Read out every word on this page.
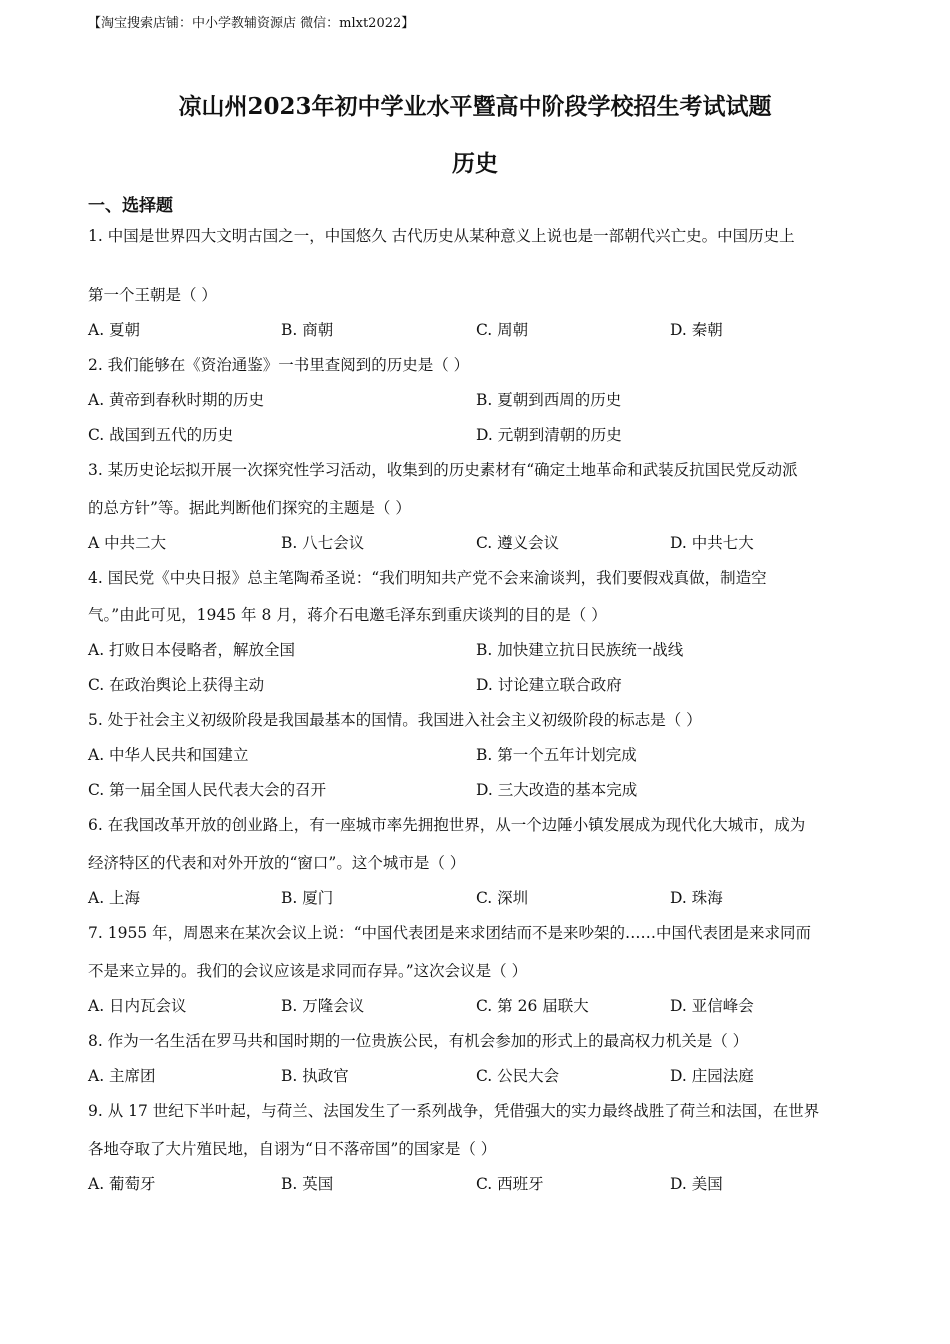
【淘宝搜索店铺：中小学教辅资源店 微信：mlxt2022】
凉山州2023年初中学业水平暨高中阶段学校招生考试试题
历史
一、选择题
1. 中国是世界四大文明古国之一，中国悠久 古代历史从某种意义上说也是一部朝代兴亡史。中国历史上
第一个王朝是（ ）
A. 夏朝	B. 商朝	C. 周朝	D. 秦朝
2. 我们能够在《资治通鉴》一书里查阅到的历史是（ ）
A. 黄帝到春秋时期的历史	B. 夏朝到西周的历史
C. 战国到五代的历史	D. 元朝到清朝的历史
3. 某历史论坛拟开展一次探究性学习活动，收集到的历史素材有“确定土地革命和武装反抗国民党反动派
的总方针”等。据此判断他们探究的主题是（ ）
A 中共二大	B. 八七会议	C. 遵义会议	D. 中共七大
4. 国民党《中央日报》总主笔陶希圣说：“我们明知共产党不会来渝谈判，我们要假戏真做，制造空
气。”由此可见，1945 年 8 月，蒋介石电邀毛泽东到重庆谈判的目的是（ ）
A. 打败日本侵略者，解放全国	B. 加快建立抗日民族统一战线
C. 在政治舆论上获得主动	D. 讨论建立联合政府
5. 处于社会主义初级阶段是我国最基本的国情。我国进入社会主义初级阶段的标志是（ ）
A. 中华人民共和国建立	B. 第一个五年计划完成
C. 第一届全国人民代表大会的召开	D. 三大改造的基本完成
6. 在我国改革开放的创业路上，有一座城市率先拥抱世界，从一个边陲小镇发展成为现代化大城市，成为
经济特区的代表和对外开放的“窗口”。这个城市是（ ）
A. 上海	B. 厦门	C. 深圳	D. 珠海
7. 1955 年，周恩来在某次会议上说：“中国代表团是来求团结而不是来吵架的……中国代表团是来求同而
不是来立异的。我们的会议应该是求同而存异。”这次会议是（ ）
A. 日内瓦会议	B. 万隆会议	C. 第 26 届联大	D. 亚信峰会
8. 作为一名生活在罗马共和国时期的一位贵族公民，有机会参加的形式上的最高权力机关是（ ）
A. 主席团	B. 执政官	C. 公民大会	D. 庄园法庭
9. 从 17 世纪下半叶起，与荷兰、法国发生了一系列战争，凭借强大的实力最终战胜了荷兰和法国，在世界
各地夺取了大片殖民地，自诩为“日不落帝国”的国家是（ ）
A. 葡萄牙	B. 英国	C. 西班牙	D. 美国
